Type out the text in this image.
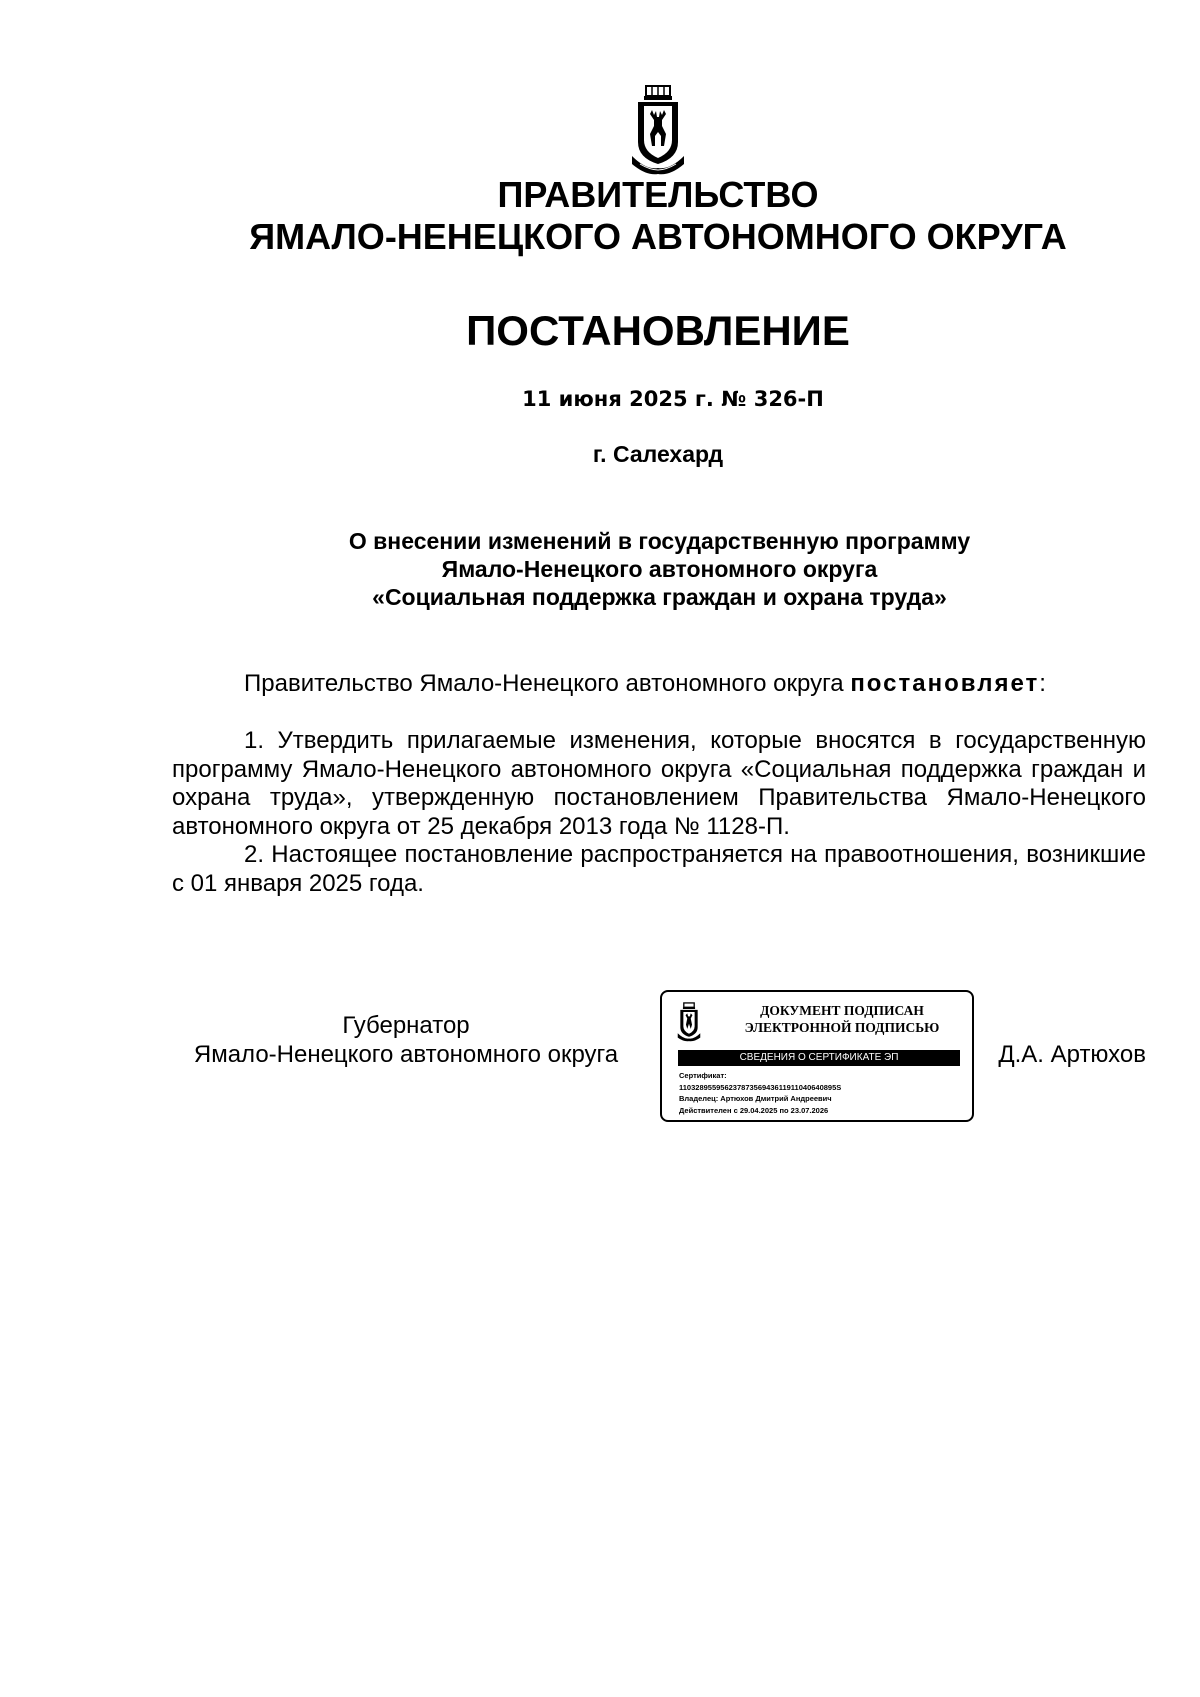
ПРАВИТЕЛЬСТВО
ЯМАЛО-НЕНЕЦКОГО АВТОНОМНОГО ОКРУГА
ПОСТАНОВЛЕНИЕ
11 июня 2025 г. № 326-П
г. Салехард
О внесении изменений в государственную программу
Ямало-Ненецкого автономного округа
«Социальная поддержка граждан и охрана труда»
Правительство Ямало-Ненецкого автономного округа постановляет:

1. Утвердить прилагаемые изменения, которые вносятся в государственную программу Ямало-Ненецкого автономного округа «Социальная поддержка граждан и охрана труда», утвержденную постановлением Правительства Ямало-Ненецкого автономного округа от 25 декабря 2013 года № 1128-П.

2. Настоящее постановление распространяется на правоотношения, возникшие с 01 января 2025 года.

Губернатор
Ямало-Ненецкого автономного округа
ДОКУМЕНТ ПОДПИСАН
ЭЛЕКТРОННОЙ ПОДПИСЬЮ
СВЕДЕНИЯ О СЕРТИФИКАТЕ ЭП
Сертификат:
11032895595623787356943611911040640895S
Владелец: Артюхов Дмитрий Андреевич
Действителен с 29.04.2025 по 23.07.2026
Д.А. Артюхов
